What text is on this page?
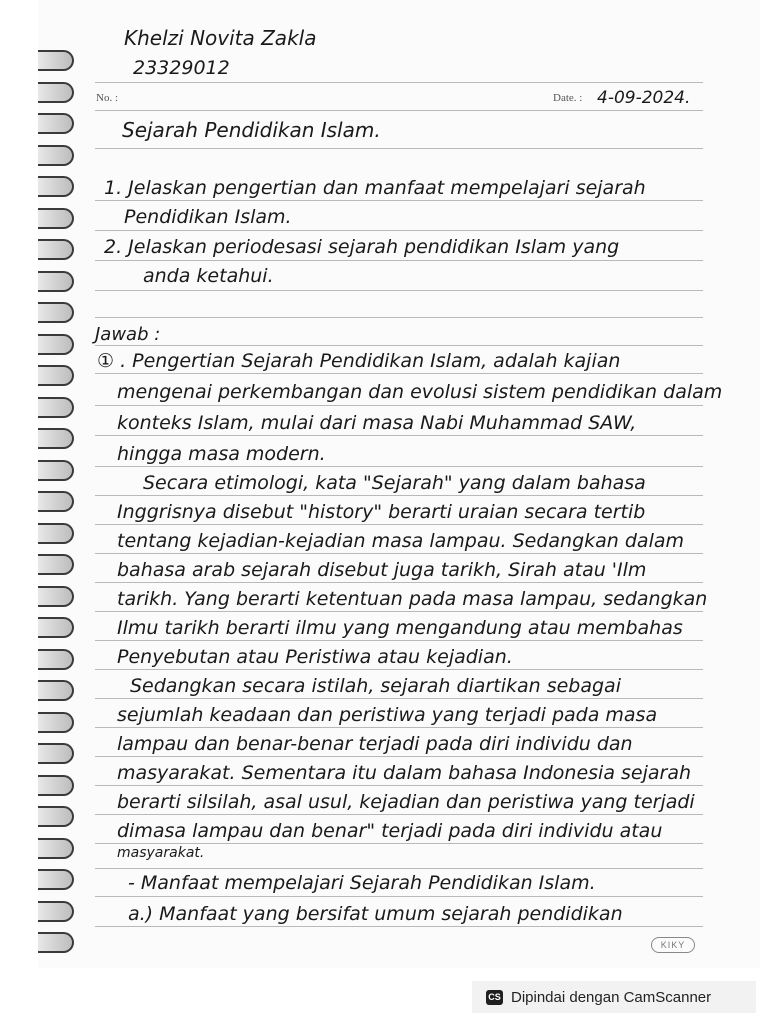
Khelzi Novita Zakla
23329012
No. :	Date. : 4-09-2024.
Sejarah Pendidikan Islam.
1. Jelaskan pengertian dan manfaat mempelajari sejarah
Pendidikan Islam.
2. Jelaskan periodesasi sejarah pendidikan Islam yang
anda ketahui.
Jawab :
① . Pengertian Sejarah Pendidikan Islam, adalah kajian
mengenai perkembangan dan evolusi sistem pendidikan dalam
konteks Islam, mulai dari masa Nabi Muhammad SAW,
hingga masa modern.
Secara etimologi, kata "Sejarah" yang dalam bahasa
Inggrisnya disebut "history" berarti uraian secara tertib
tentang kejadian-kejadian masa lampau. Sedangkan dalam
bahasa arab sejarah disebut juga tarikh, Sirah atau 'Ilm
tarikh. Yang berarti ketentuan pada masa lampau, sedangkan
Ilmu tarikh berarti ilmu yang mengandung atau membahas
Penyebutan atau Peristiwa atau kejadian.
Sedangkan secara istilah, sejarah diartikan sebagai
sejumlah keadaan dan peristiwa yang terjadi pada masa
lampau dan benar-benar terjadi pada diri individu dan
masyarakat. Sementara itu dalam bahasa Indonesia sejarah
berarti silsilah, asal usul, kejadian dan peristiwa yang terjadi
dimasa lampau dan benar" terjadi pada diri individu atau
masyarakat.
- Manfaat mempelajari Sejarah Pendidikan Islam.
a.) Manfaat yang bersifat umum sejarah pendidikan
KIKY
CS Dipindai dengan CamScanner
